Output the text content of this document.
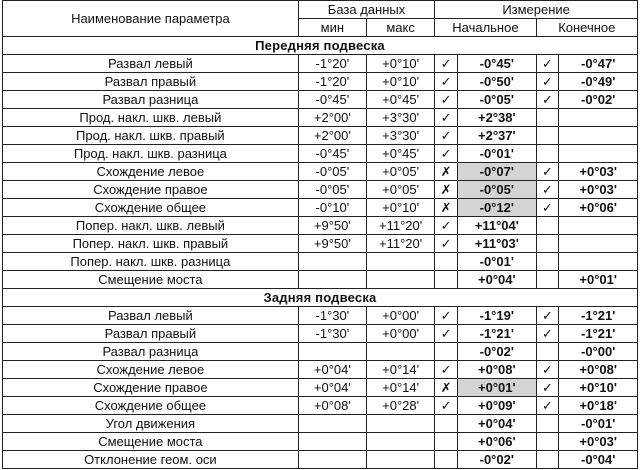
Наименование параметра	База данных		Измерение			
	мин	макс	Начальное		Конечное	
Передняя подвеска						
Развал левый	-1°20'	+0°10'	✓	-0°45'	✓	-0°47'
Развал правый	-1°20'	+0°10'	✓	-0°50'	✓	-0°49'
Развал разница	-0°45'	+0°45'	✓	-0°05'	✓	-0°02'
Прод. накл. шкв. левый	+2°00'	+3°30'	✓	+2°38'		
Прод. накл. шкв. правый	+2°00'	+3°30'	✓	+2°37'		
Прод. накл. шкв. разница	-0°45'	+0°45'	✓	-0°01'		
Схождение левое	-0°05'	+0°05'	✗	-0°07'	✓	+0°03'
Схождение правое	-0°05'	+0°05'	✗	-0°05'	✓	+0°03'
Схождение общее	-0°10'	+0°10'	✗	-0°12'	✓	+0°06'
Попер. накл. шкв. левый	+9°50'	+11°20'	✓	+11°04'		
Попер. накл. шкв. правый	+9°50'	+11°20'	✓	+11°03'		
Попер. накл. шкв. разница				-0°01'		
Смещение моста				+0°04'		+0°01'
Задняя подвеска						
Развал левый	-1°30'	+0°00'	✓	-1°19'	✓	-1°21'
Развал правый	-1°30'	+0°00'	✓	-1°21'	✓	-1°21'
Развал разница				-0°02'		-0°00'
Схождение левое	+0°04'	+0°14'	✓	+0°08'	✓	+0°08'
Схождение правое	+0°04'	+0°14'	✗	+0°01'	✓	+0°10'
Схождение общее	+0°08'	+0°28'	✓	+0°09'	✓	+0°18'
Угол движения				+0°04'		-0°01'
Смещение моста				+0°06'		+0°03'
Отклонение геом. оси				-0°02'		-0°04'
